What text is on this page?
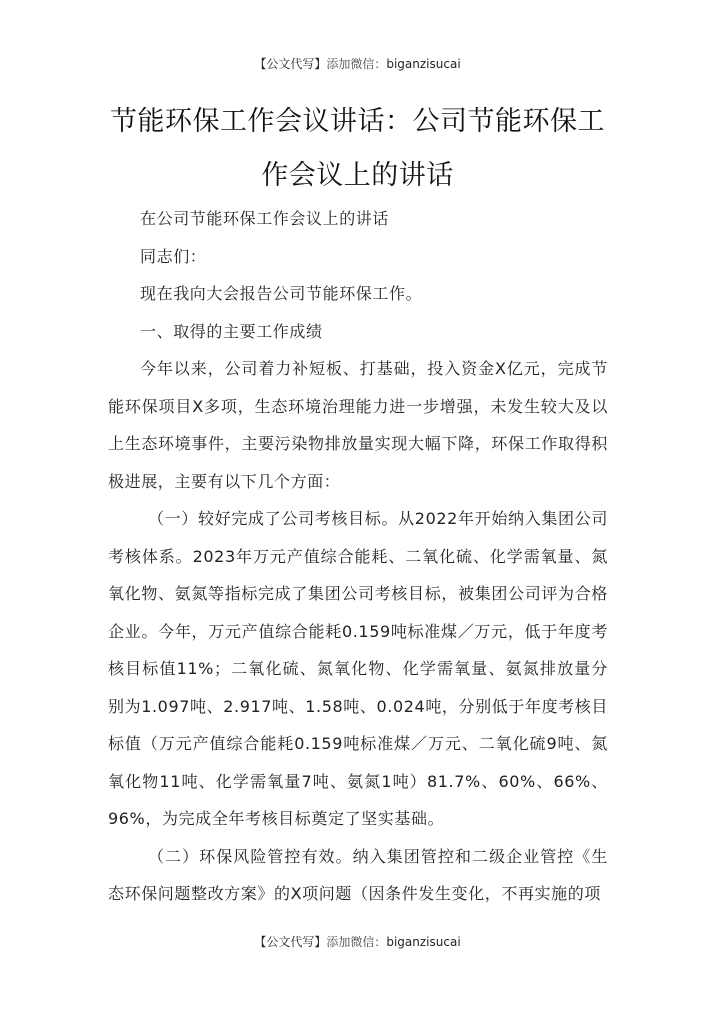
【公文代写】添加微信：biganzisucai
节能环保工作会议讲话：公司节能环保工作会议上的讲话

在公司节能环保工作会议上的讲话

同志们：

现在我向大会报告公司节能环保工作。

一、取得的主要工作成绩

今年以来，公司着力补短板、打基础，投入资金X亿元，完成节能环保项目X多项，生态环境治理能力进一步增强，未发生较大及以上生态环境事件，主要污染物排放量实现大幅下降，环保工作取得积极进展，主要有以下几个方面：

（一）较好完成了公司考核目标。从2022年开始纳入集团公司考核体系。2023年万元产值综合能耗、二氧化硫、化学需氧量、氮氧化物、氨氮等指标完成了集团公司考核目标，被集团公司评为合格企业。今年，万元产值综合能耗0.159吨标准煤／万元，低于年度考核目标值11%；二氧化硫、氮氧化物、化学需氧量、氨氮排放量分别为1.097吨、2.917吨、1.58吨、0.024吨，分别低于年度考核目标值（万元产值综合能耗0.159吨标准煤／万元、二氧化硫9吨、氮氧化物11吨、化学需氧量7吨、氨氮1吨）81.7%、60%、66%、96%，为完成全年考核目标奠定了坚实基础。

（二）环保风险管控有效。纳入集团管控和二级企业管控《生态环保问题整改方案》的X项问题（因条件发生变化，不再实施的项

【公文代写】添加微信：biganzisucai
